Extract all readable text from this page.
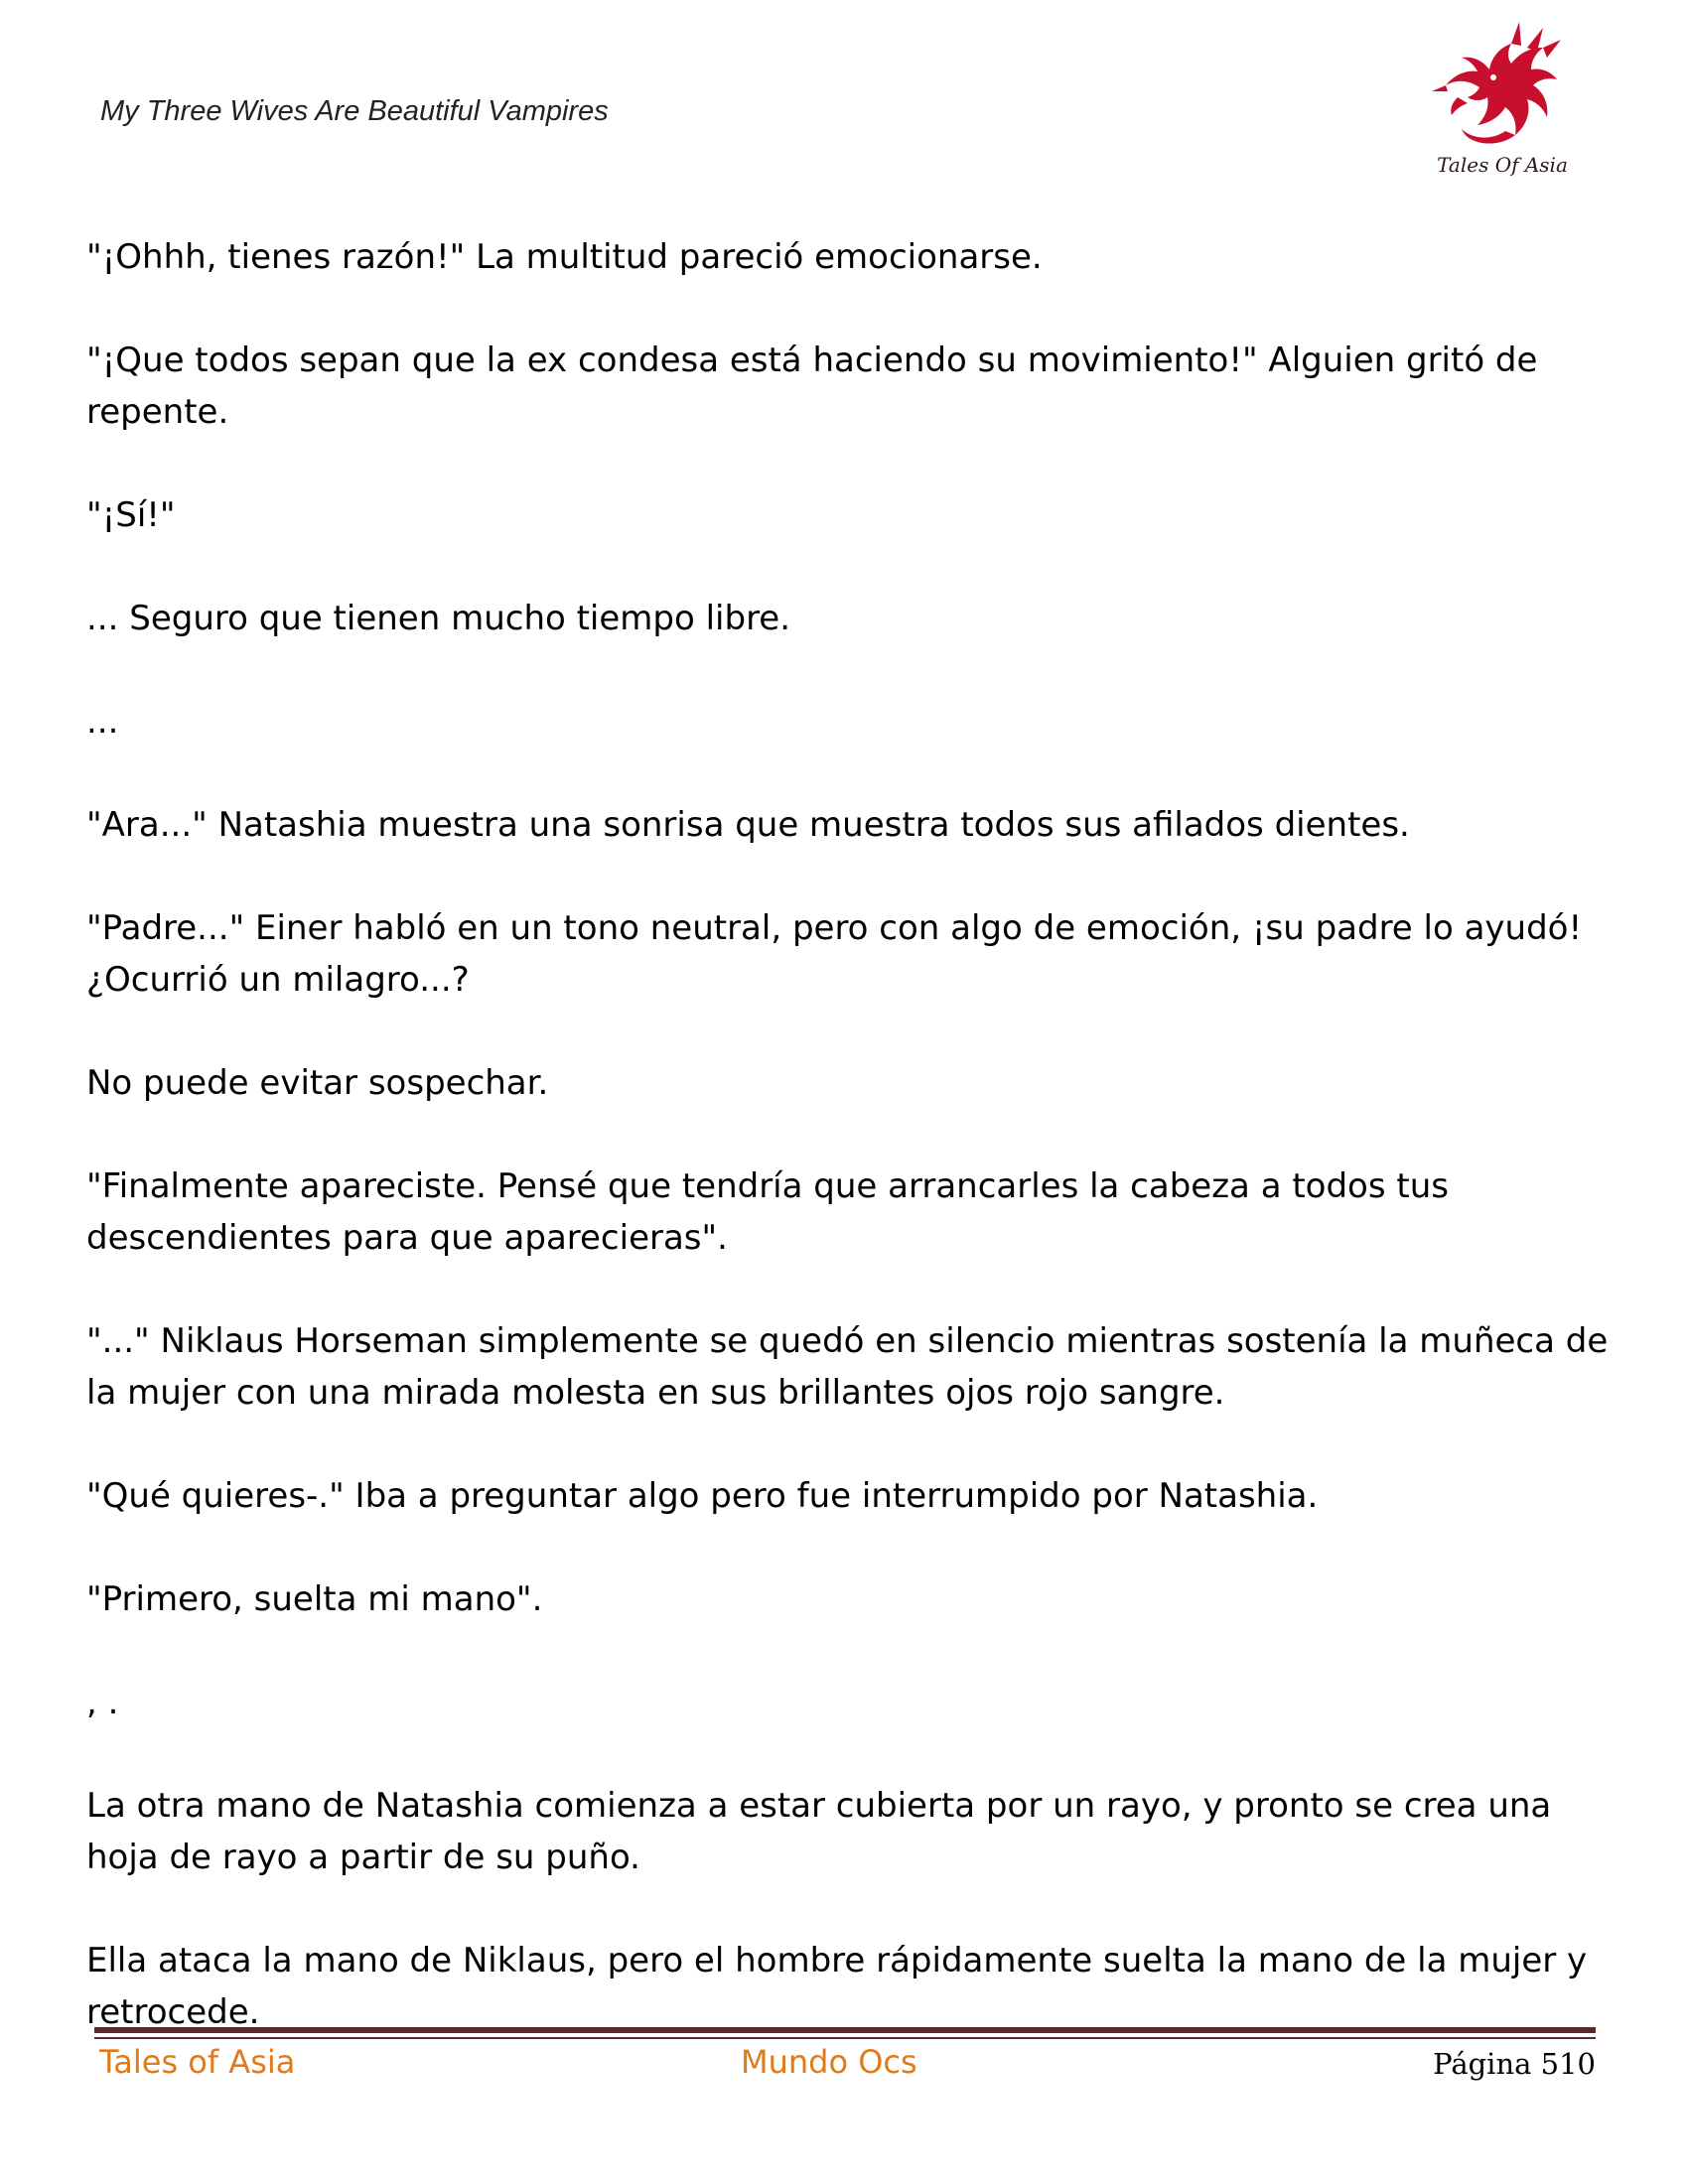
My Three Wives Are Beautiful Vampires
Tales Of Asia

"¡Ohhh, tienes razón!" La multitud pareció emocionarse.

"¡Que todos sepan que la ex condesa está haciendo su movimiento!" Alguien gritó de repente.

"¡Sí!"

... Seguro que tienen mucho tiempo libre.

...

"Ara..." Natashia muestra una sonrisa que muestra todos sus afilados dientes.

"Padre..." Einer habló en un tono neutral, pero con algo de emoción, ¡su padre lo ayudó! ¿Ocurrió un milagro...?

No puede evitar sospechar.

"Finalmente apareciste. Pensé que tendría que arrancarles la cabeza a todos tus descendientes para que aparecieras".

"..." Niklaus Horseman simplemente se quedó en silencio mientras sostenía la muñeca de la mujer con una mirada molesta en sus brillantes ojos rojo sangre.

"Qué quieres-." Iba a preguntar algo pero fue interrumpido por Natashia.

"Primero, suelta mi mano".

, .

La otra mano de Natashia comienza a estar cubierta por un rayo, y pronto se crea una hoja de rayo a partir de su puño.

Ella ataca la mano de Niklaus, pero el hombre rápidamente suelta la mano de la mujer y retrocede.

Tales of Asia	Mundo Ocs	Página 510
